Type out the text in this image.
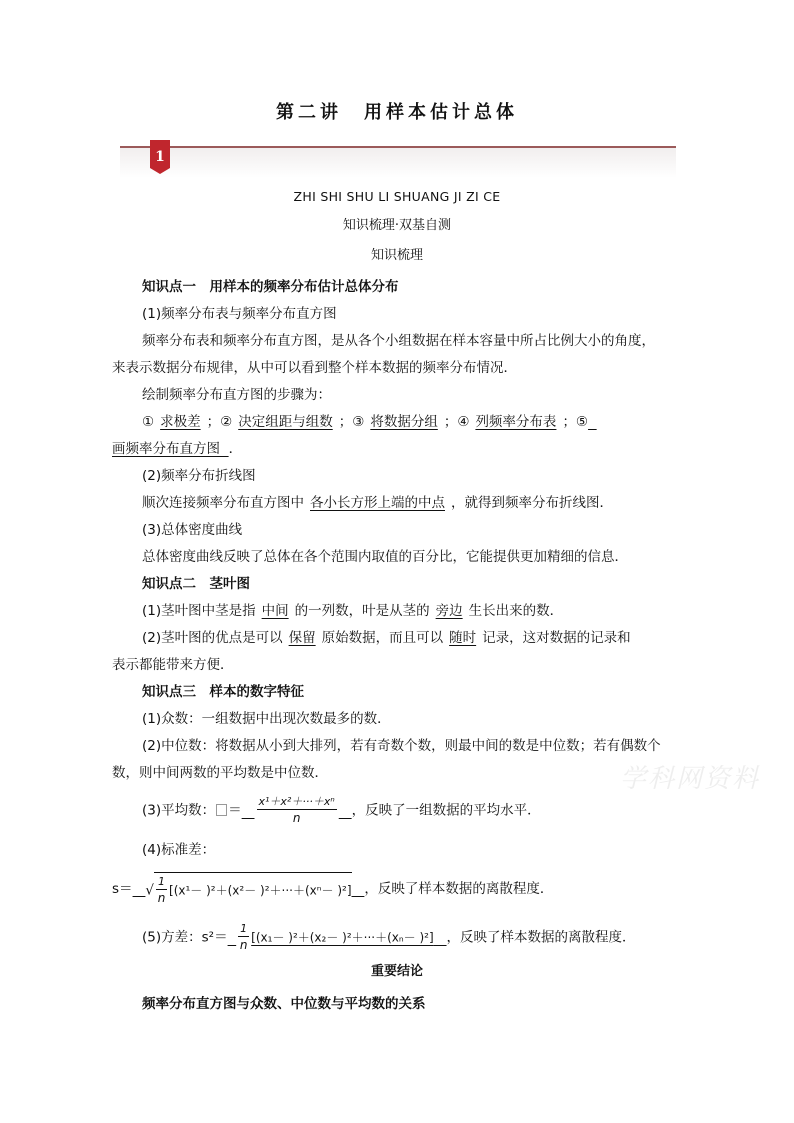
第二讲 用样本估计总体
1
ZHI SHI SHU LI SHUANG JI ZI CE
知识梳理·双基自测
知识梳理
知识点一　用样本的频率分布估计总体分布
(1)频率分布表与频率分布直方图
频率分布表和频率分布直方图，是从各个小组数据在样本容量中所占比例大小的角度，
来表示数据分布规律，从中可以看到整个样本数据的频率分布情况．
绘制频率分布直方图的步骤为：
① 求极差 ；② 决定组距与组数 ；③ 将数据分组 ；④ 列频率分布表 ；⑤
画频率分布直方图 ．
(2)频率分布折线图
顺次连接频率分布直方图中 各小长方形上端的中点 ，就得到频率分布折线图．
(3)总体密度曲线
总体密度曲线反映了总体在各个范围内取值的百分比，它能提供更加精细的信息．
知识点二　茎叶图
(1)茎叶图中茎是指 中间 的一列数，叶是从茎的 旁边 生长出来的数．
(2)茎叶图的优点是可以 保留 原始数据，而且可以 随时 记录，这对数据的记录和
表示都能带来方便．
知识点三　样本的数字特征
(1)众数：一组数据中出现次数最多的数．
(2)中位数：将数据从小到大排列，若有奇数个数，则最中间的数是中位数；若有偶数个
数，则中间两数的平均数是中位数．
(3)平均数： ＝ $\frac{\text{x¹＋x²＋···＋xⁿ}}{n}$ ，反映了一组数据的平均水平．
(4)标准差：
s＝ √ $\frac{1}{n} [(x^1- )^2+(x^2- )^2+\cdot\cdot\cdot+(x^n- )^2]$ ，反映了样本数据的离散程度．
(5)方差：$s^2= \frac{1}{n} [(x_1- )^2+(x_2- )^2+\cdot\cdot\cdot+(x_n- )^2]$ ，反映了样本数据的离散程度．
重要结论
频率分布直方图与众数、中位数与平均数的关系
学科网资料
